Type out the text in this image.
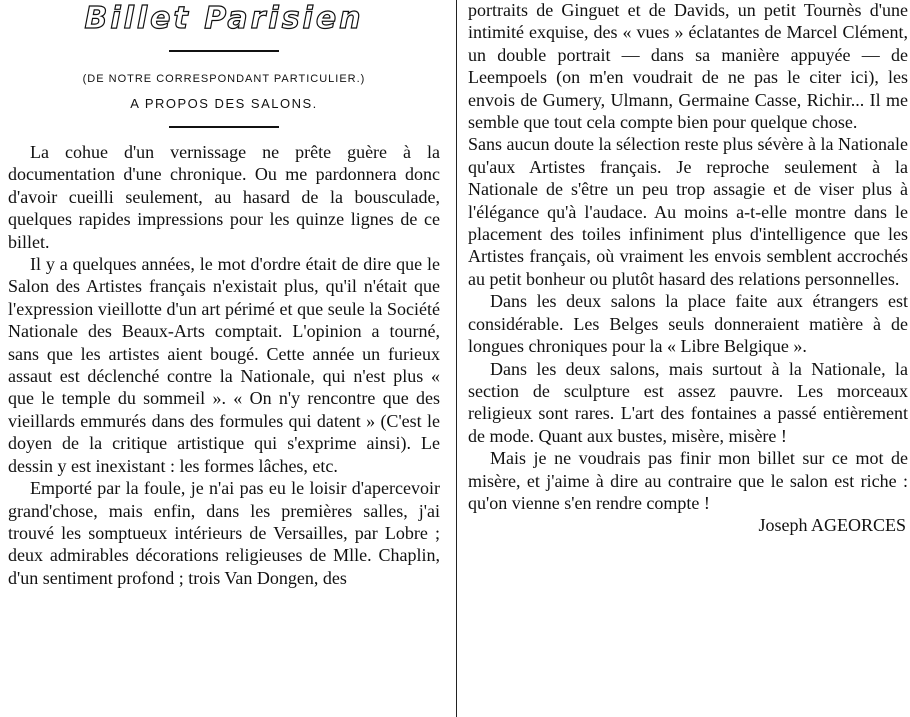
Billet Parisien
(DE NOTRE CORRESPONDANT PARTICULIER.)
A PROPOS DES SALONS.

La cohue d'un vernissage ne prête guère à la documentation d'une chronique. Ou me pardonnera donc d'avoir cueilli seulement, au hasard de la bousculade, quelques rapides impressions pour les quinze lignes de ce billet.

Il y a quelques années, le mot d'ordre était de dire que le Salon des Artistes français n'existait plus, qu'il n'était que l'expression vieillotte d'un art périmé et que seule la Société Nationale des Beaux-Arts comptait. L'opinion a tourné, sans que les artistes aient bougé. Cette année un furieux assaut est déclenché contre la Nationale, qui n'est plus « que le temple du sommeil ». « On n'y rencontre que des vieillards emmurés dans des formules qui datent » (C'est le doyen de la critique artistique qui s'exprime ainsi). Le dessin y est inexistant : les formes lâches, etc.

Emporté par la foule, je n'ai pas eu le loisir d'apercevoir grand'chose, mais enfin, dans les premières salles, j'ai trouvé les somptueux intérieurs de Versailles, par Lobre ; deux admirables décorations religieuses de Mlle. Chaplin, d'un sentiment profond ; trois Van Dongen, des

portraits de Ginguet et de Davids, un petit Tournès d'une intimité exquise, des « vues » éclatantes de Marcel Clément, un double portrait — dans sa manière appuyée — de Leempoels (on m'en voudrait de ne pas le citer ici), les envois de Gumery, Ulmann, Germaine Casse, Richir... Il me semble que tout cela compte bien pour quelque chose.

Sans aucun doute la sélection reste plus sévère à la Nationale qu'aux Artistes français. Je reproche seulement à la Nationale de s'être un peu trop assagie et de viser plus à l'élégance qu'à l'audace. Au moins a-t-elle montre dans le placement des toiles infiniment plus d'intelligence que les Artistes français, où vraiment les envois semblent accrochés au petit bonheur ou plutôt hasard des relations personnelles.

Dans les deux salons la place faite aux étrangers est considérable. Les Belges seuls donneraient matière à de longues chroniques pour la « Libre Belgique ».

Dans les deux salons, mais surtout à la Nationale, la section de sculpture est assez pauvre. Les morceaux religieux sont rares. L'art des fontaines a passé entièrement de mode. Quant aux bustes, misère, misère !

Mais je ne voudrais pas finir mon billet sur ce mot de misère, et j'aime à dire au contraire que le salon est riche : qu'on vienne s'en rendre compte !

Joseph AGEORCES
